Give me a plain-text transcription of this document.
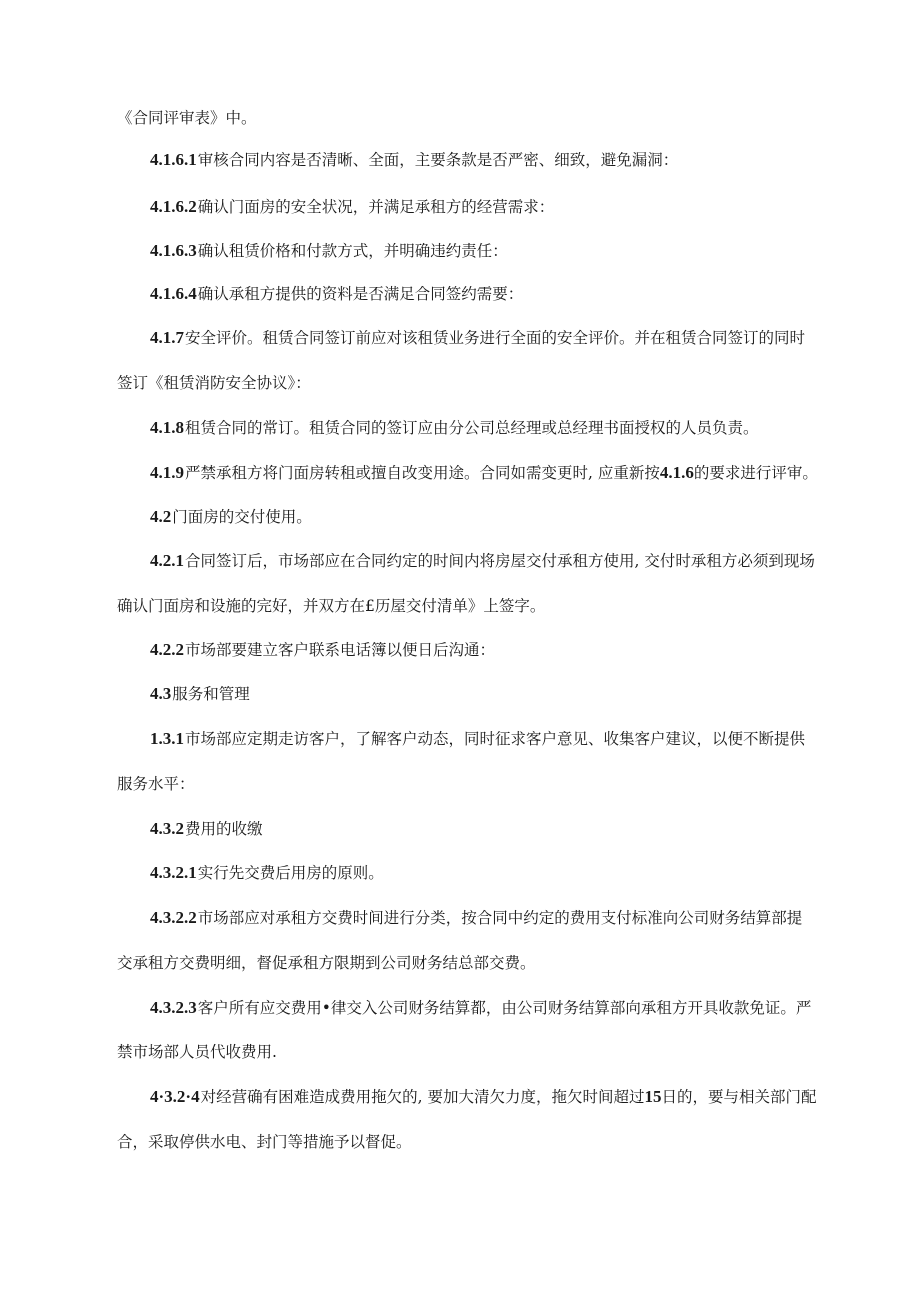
《合同评审表》中。
4.1.6.1审核合同内容是否清晰、全面，主要条款是否严密、细致，避免漏洞：
4.1.6.2确认门面房的安全状况，并满足承租方的经营需求：
4.1.6.3确认租赁价格和付款方式，并明确违约责任：
4.1.6.4确认承租方提供的资料是否满足合同签约需要：
4.1.7安全评价。租赁合同签订前应对该租赁业务进行全面的安全评价。并在租赁合同签订的同时
签订《租赁消防安全协议》：
4.1.8租赁合同的常订。租赁合同的签订应由分公司总经理或总经理书面授权的人员负责。
4.1.9严禁承租方将门面房转租或擅自改变用途。合同如需变更时, 应重新按4.1.6的要求进行评审。
4.2门面房的交付使用。
4.2.1合同签订后，市场部应在合同约定的时间内将房屋交付承租方使用, 交付时承租方必须到现场
确认门面房和设施的完好，并双方在£历屋交付清单》上签字。
4.2.2市场部要建立客户联系电话簿以便日后沟通：
4.3服务和管理
1.3.1市场部应定期走访客户，了解客户动态，同时征求客户意见、收集客户建议，以便不断提供
服务水平：
4.3.2费用的收缴
4.3.2.1实行先交费后用房的原则。
4.3.2.2市场部应对承租方交费时间进行分类，按合同中约定的费用支付标准向公司财务结算部提
交承租方交费明细，督促承租方限期到公司财务结总部交费。
4.3.2.3客户所有应交费用•律交入公司财务结算都，由公司财务结算部向承租方开具收款免证。严
禁市场部人员代收费用.
4·3.2·4对经营确有困难造成费用拖欠的, 要加大清欠力度，拖欠时间超过15日的，要与相关部门配
合，采取停供水电、封门等措施予以督促。
